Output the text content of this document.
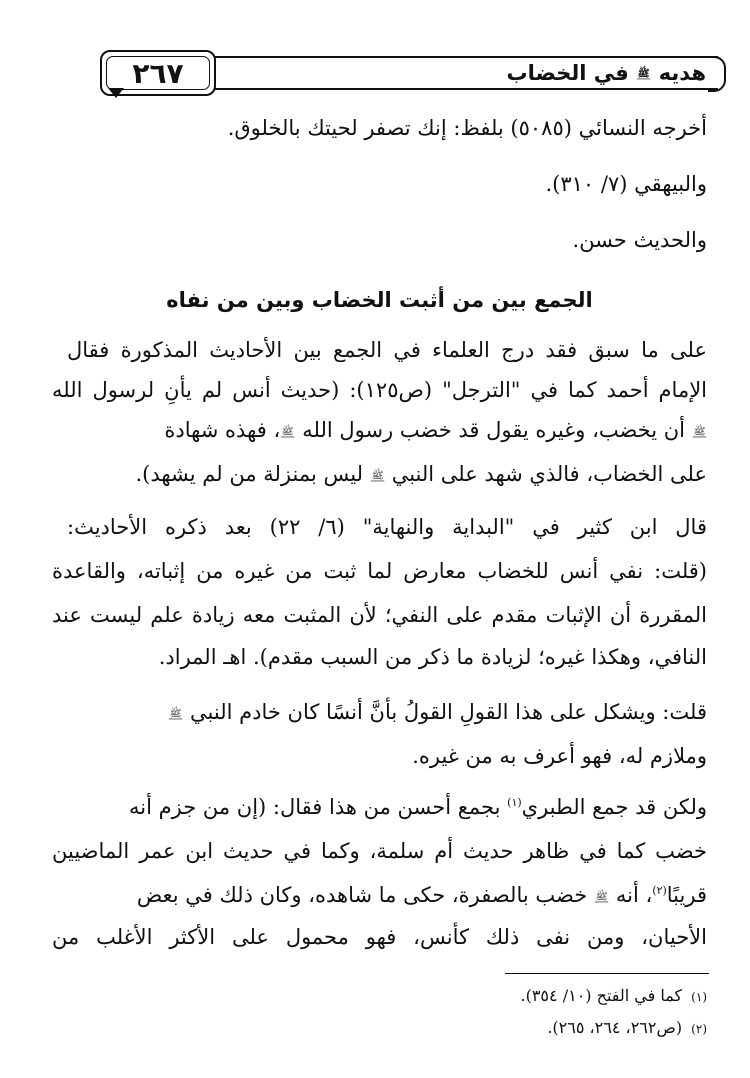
٢٦٧	هديه ﷺ في الخضاب
أخرجه النسائي (٥٠٨٥) بلفظ: إنك تصفر لحيتك بالخلوق.
والبيهقي (٧/ ٣١٠).
والحديث حسن.
الجمع بين من أثبت الخضاب وبين من نفاه
على ما سبق فقد درج العلماء في الجمع بين الأحاديث المذكورة فقال
الإمام أحمد كما في "الترجل" (ص١٢٥): (حديث أنس لم يأنِ لرسول الله
ﷺ أن يخضب، وغيره يقول قد خضب رسول الله ﷺ، فهذه شهادة
على الخضاب، فالذي شهد على النبي ﷺ ليس بمنزلة من لم يشهد).
قال ابن كثير في "البداية والنهاية" (٦/ ٢٢) بعد ذكره الأحاديث:
(قلت: نفي أنس للخضاب معارض لما ثبت من غيره من إثباته، والقاعدة
المقررة أن الإثبات مقدم على النفي؛ لأن المثبت معه زيادة علم ليست عند
النافي، وهكذا غيره؛ لزيادة ما ذكر من السبب مقدم). اهـ المراد.
قلت: ويشكل على هذا القولِ القولُ بأنَّ أنسًا كان خادم النبي ﷺ
وملازم له، فهو أعرف به من غيره.
ولكن قد جمع الطبري$^{(١)}$ بجمع أحسن من هذا فقال: (إن من جزم أنه
خضب كما في ظاهر حديث أم سلمة، وكما في حديث ابن عمر الماضيين
قريبًا$^{(٢)}$، أنه ﷺ خضب بالصفرة، حكى ما شاهده، وكان ذلك في بعض
الأحيان، ومن نفى ذلك كأنس، فهو محمول على الأكثر الأغلب من
(١) كما في الفتح (١٠/ ٣٥٤).
(٢) (ص٢٦٢، ٢٦٤، ٢٦٥).
